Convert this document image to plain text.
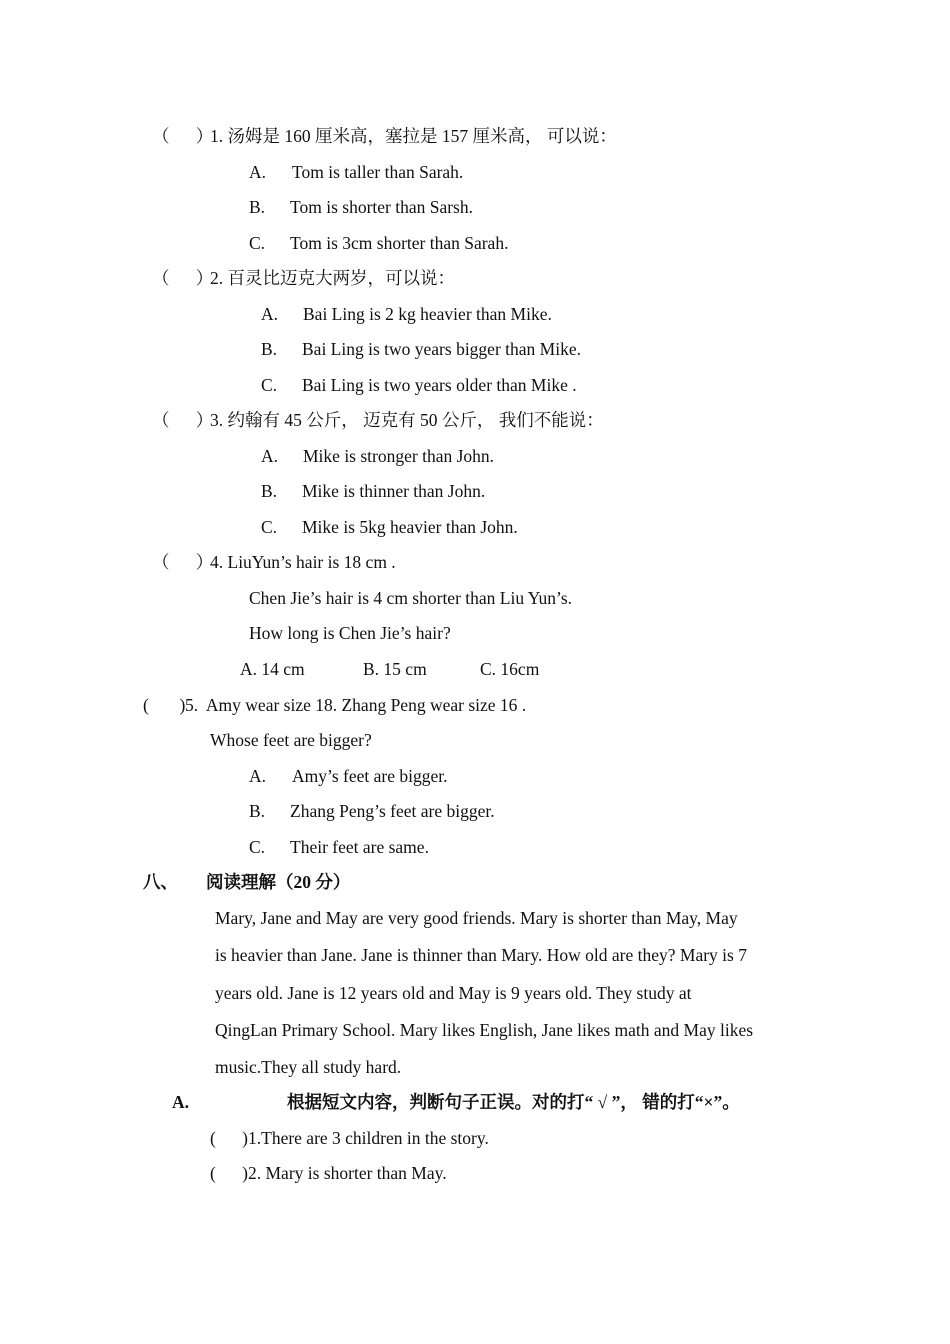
（      ）
1. 汤姆是 160 厘米高，塞拉是 157 厘米高， 可以说：
A. Tom is taller than Sarah.
B. Tom is shorter than Sarsh.
C. Tom is 3cm shorter than Sarah.
（      ）
2. 百灵比迈克大两岁，可以说：
A. Bai Ling is 2 kg heavier than Mike.
B. Bai Ling is two years bigger than Mike.
C. Bai Ling is two years older than Mike .
（      ）
3. 约翰有 45 公斤， 迈克有 50 公斤， 我们不能说：
A. Mike is stronger than John.
B. Mike is thinner than John.
C. Mike is 5kg heavier than John.
（      ）
4. LiuYun’s hair is 18 cm .
Chen Jie’s hair is 4 cm shorter than Liu Yun’s.
How long is Chen Jie’s hair?
A. 14 cm	B. 15 cm	C. 16cm
(       ) 5.  Amy wear size 18. Zhang Peng wear size 16 .
Whose feet are bigger?
A. Amy’s feet are bigger.
B. Zhang Peng’s feet are bigger.
C. Their feet are same.
八、 阅读理解（20 分）
Mary, Jane and May are very good friends. Mary is shorter than May, May
is heavier than Jane. Jane is thinner than Mary. How old are they? Mary is 7
years old. Jane is 12 years old and May is 9 years old. They study at
QingLan Primary School. Mary likes English, Jane likes math and May likes
music.They all study hard.
A.	根据短文内容，判断句子正误。对的打“ √ ”， 错的打“×”。
(      ) 1.There are 3 children in the story.
(      ) 2. Mary is shorter than May.
